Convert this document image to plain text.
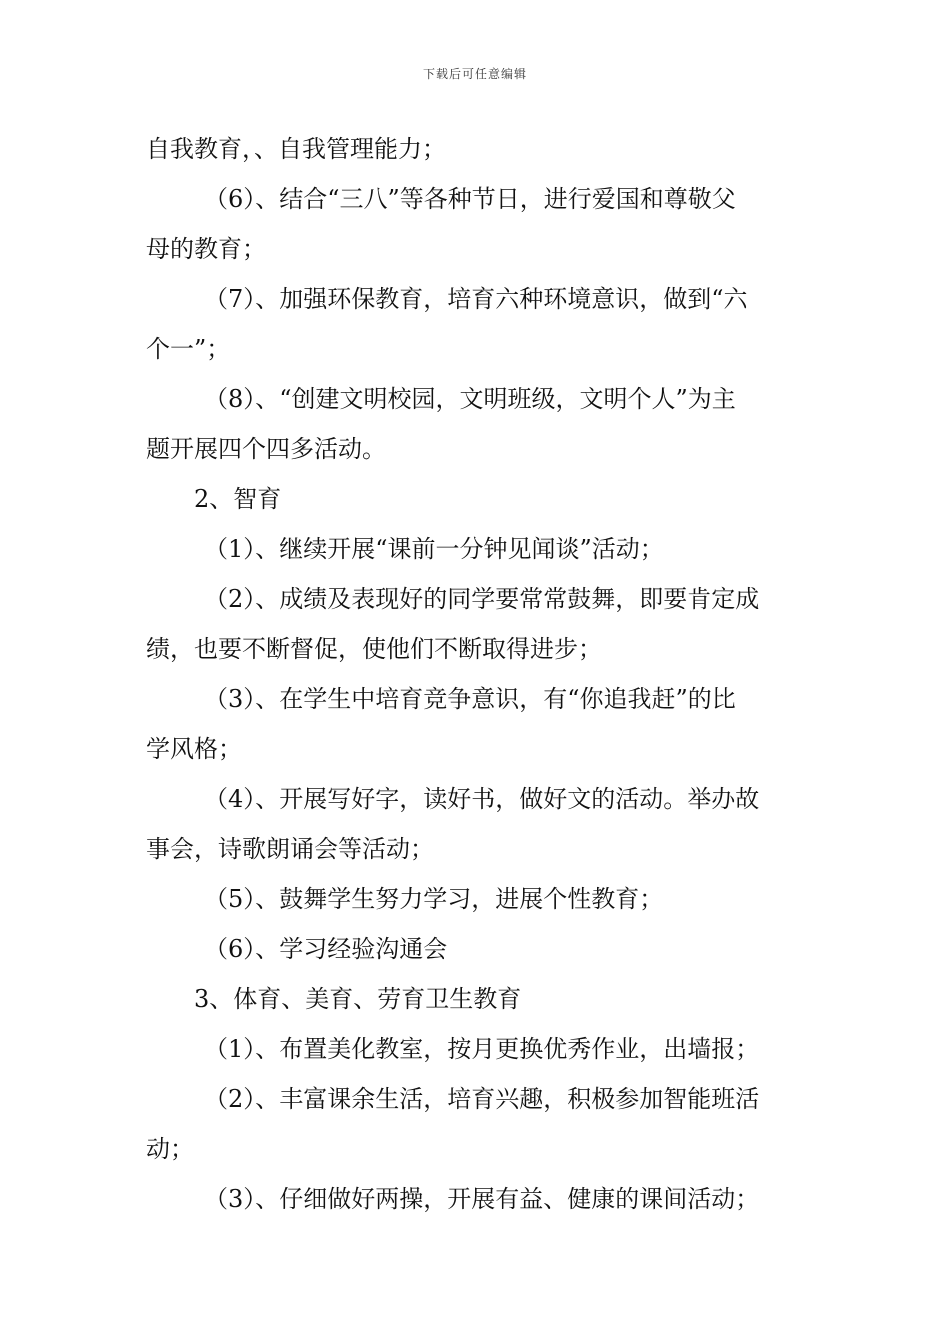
下载后可任意编辑
自我教育，、自我管理能力；
（6）、结合“三八”等各种节日，进行爱国和尊敬父
母的教育；
（7）、加强环保教育，培育六种环境意识，做到“六
个一”；
（8）、“创建文明校园，文明班级，文明个人”为主
题开展四个四多活动。
2、智育
（1）、继续开展“课前一分钟见闻谈”活动；
（2）、成绩及表现好的同学要常常鼓舞，即要肯定成
绩，也要不断督促，使他们不断取得进步；
（3）、在学生中培育竞争意识，有“你追我赶”的比
学风格；
（4）、开展写好字，读好书，做好文的活动。举办故
事会，诗歌朗诵会等活动；
（5）、鼓舞学生努力学习，进展个性教育；
（6）、学习经验沟通会
3、体育、美育、劳育卫生教育
（1）、布置美化教室，按月更换优秀作业，出墙报；
（2）、丰富课余生活，培育兴趣，积极参加智能班活
动；
（3）、仔细做好两操，开展有益、健康的课间活动；
